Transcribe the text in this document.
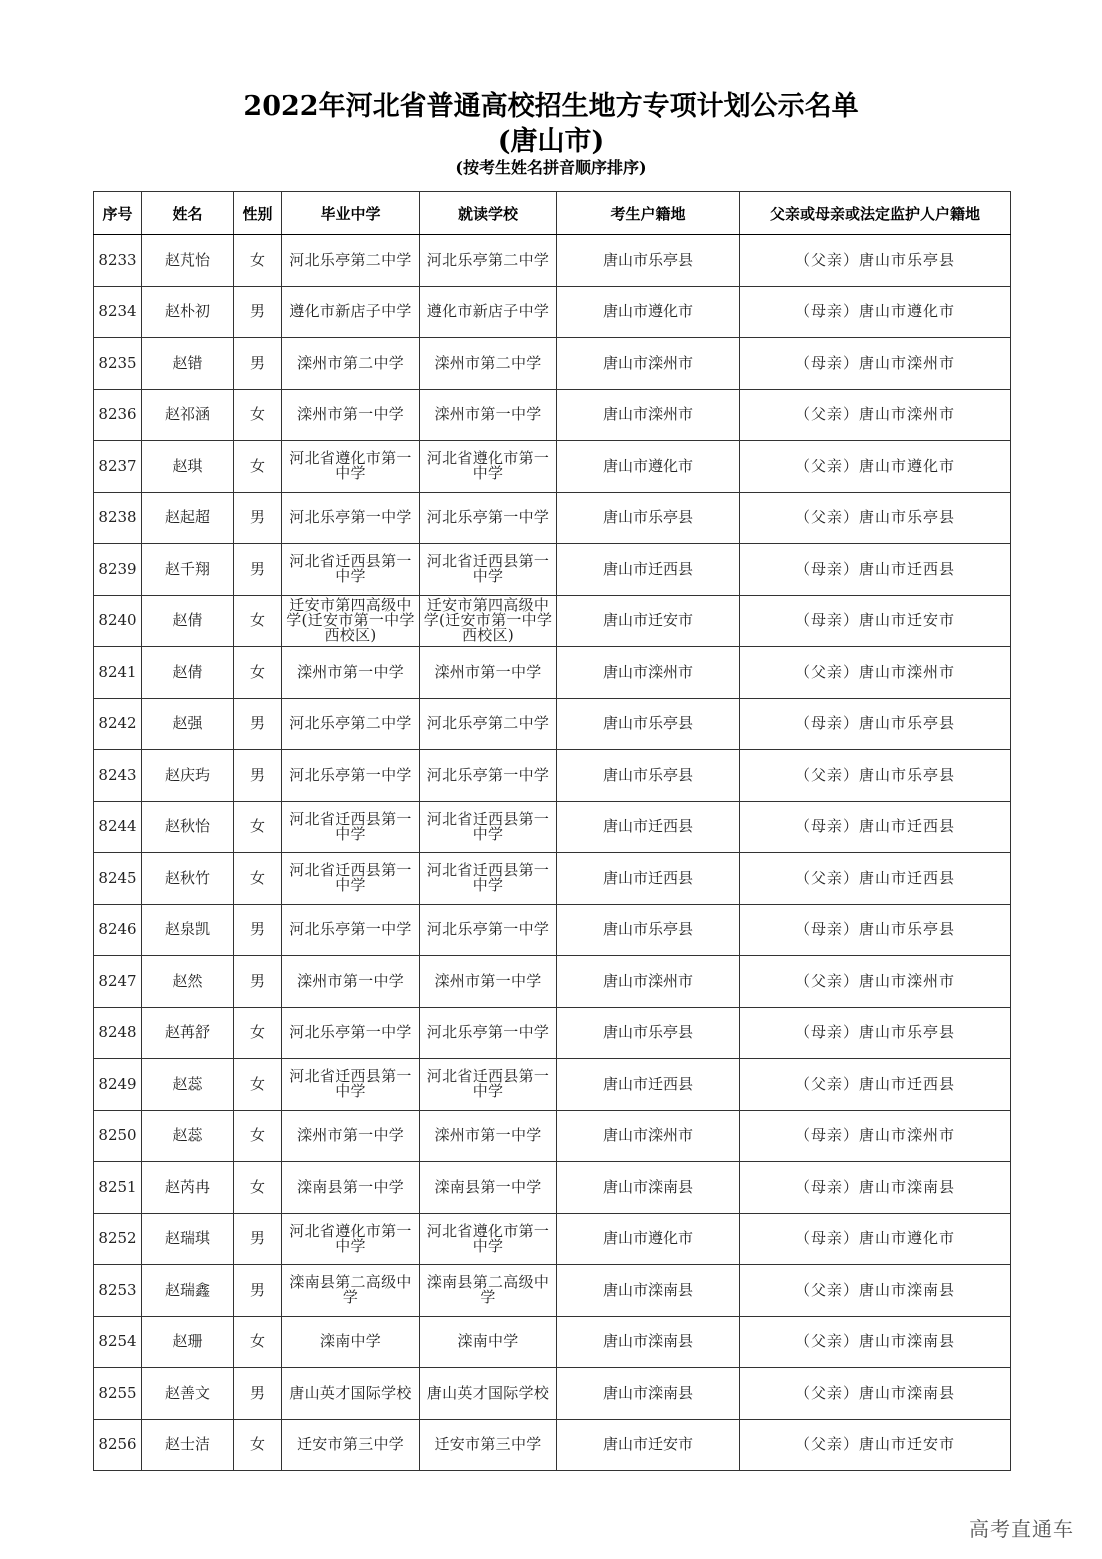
2022年河北省普通高校招生地方专项计划公示名单
(唐山市)
(按考生姓名拼音顺序排序)
序号	姓名	性别	毕业中学	就读学校	考生户籍地	父亲或母亲或法定监护人户籍地
8233	赵芃怡	女	河北乐亭第二中学	河北乐亭第二中学	唐山市乐亭县	（父亲）唐山市乐亭县
8234	赵朴初	男	遵化市新店子中学	遵化市新店子中学	唐山市遵化市	（母亲）唐山市遵化市
8235	赵错	男	滦州市第二中学	滦州市第二中学	唐山市滦州市	（母亲）唐山市滦州市
8236	赵祁涵	女	滦州市第一中学	滦州市第一中学	唐山市滦州市	（父亲）唐山市滦州市
8237	赵琪	女	河北省遵化市第一中学	河北省遵化市第一中学	唐山市遵化市	（父亲）唐山市遵化市
8238	赵起超	男	河北乐亭第一中学	河北乐亭第一中学	唐山市乐亭县	（父亲）唐山市乐亭县
8239	赵千翔	男	河北省迁西县第一中学	河北省迁西县第一中学	唐山市迁西县	（母亲）唐山市迁西县
8240	赵倩	女	迁安市第四高级中学(迁安市第一中学西校区)	迁安市第四高级中学(迁安市第一中学西校区)	唐山市迁安市	（母亲）唐山市迁安市
8241	赵倩	女	滦州市第一中学	滦州市第一中学	唐山市滦州市	（父亲）唐山市滦州市
8242	赵强	男	河北乐亭第二中学	河北乐亭第二中学	唐山市乐亭县	（母亲）唐山市乐亭县
8243	赵庆玙	男	河北乐亭第一中学	河北乐亭第一中学	唐山市乐亭县	（父亲）唐山市乐亭县
8244	赵秋怡	女	河北省迁西县第一中学	河北省迁西县第一中学	唐山市迁西县	（母亲）唐山市迁西县
8245	赵秋竹	女	河北省迁西县第一中学	河北省迁西县第一中学	唐山市迁西县	（父亲）唐山市迁西县
8246	赵泉凯	男	河北乐亭第一中学	河北乐亭第一中学	唐山市乐亭县	（母亲）唐山市乐亭县
8247	赵然	男	滦州市第一中学	滦州市第一中学	唐山市滦州市	（父亲）唐山市滦州市
8248	赵苒舒	女	河北乐亭第一中学	河北乐亭第一中学	唐山市乐亭县	（母亲）唐山市乐亭县
8249	赵蕊	女	河北省迁西县第一中学	河北省迁西县第一中学	唐山市迁西县	（父亲）唐山市迁西县
8250	赵蕊	女	滦州市第一中学	滦州市第一中学	唐山市滦州市	（母亲）唐山市滦州市
8251	赵芮冉	女	滦南县第一中学	滦南县第一中学	唐山市滦南县	（母亲）唐山市滦南县
8252	赵瑞琪	男	河北省遵化市第一中学	河北省遵化市第一中学	唐山市遵化市	（母亲）唐山市遵化市
8253	赵瑞鑫	男	滦南县第二高级中学	滦南县第二高级中学	唐山市滦南县	（父亲）唐山市滦南县
8254	赵珊	女	滦南中学	滦南中学	唐山市滦南县	（父亲）唐山市滦南县
8255	赵善文	男	唐山英才国际学校	唐山英才国际学校	唐山市滦南县	（父亲）唐山市滦南县
8256	赵士洁	女	迁安市第三中学	迁安市第三中学	唐山市迁安市	（父亲）唐山市迁安市
高考直通车
